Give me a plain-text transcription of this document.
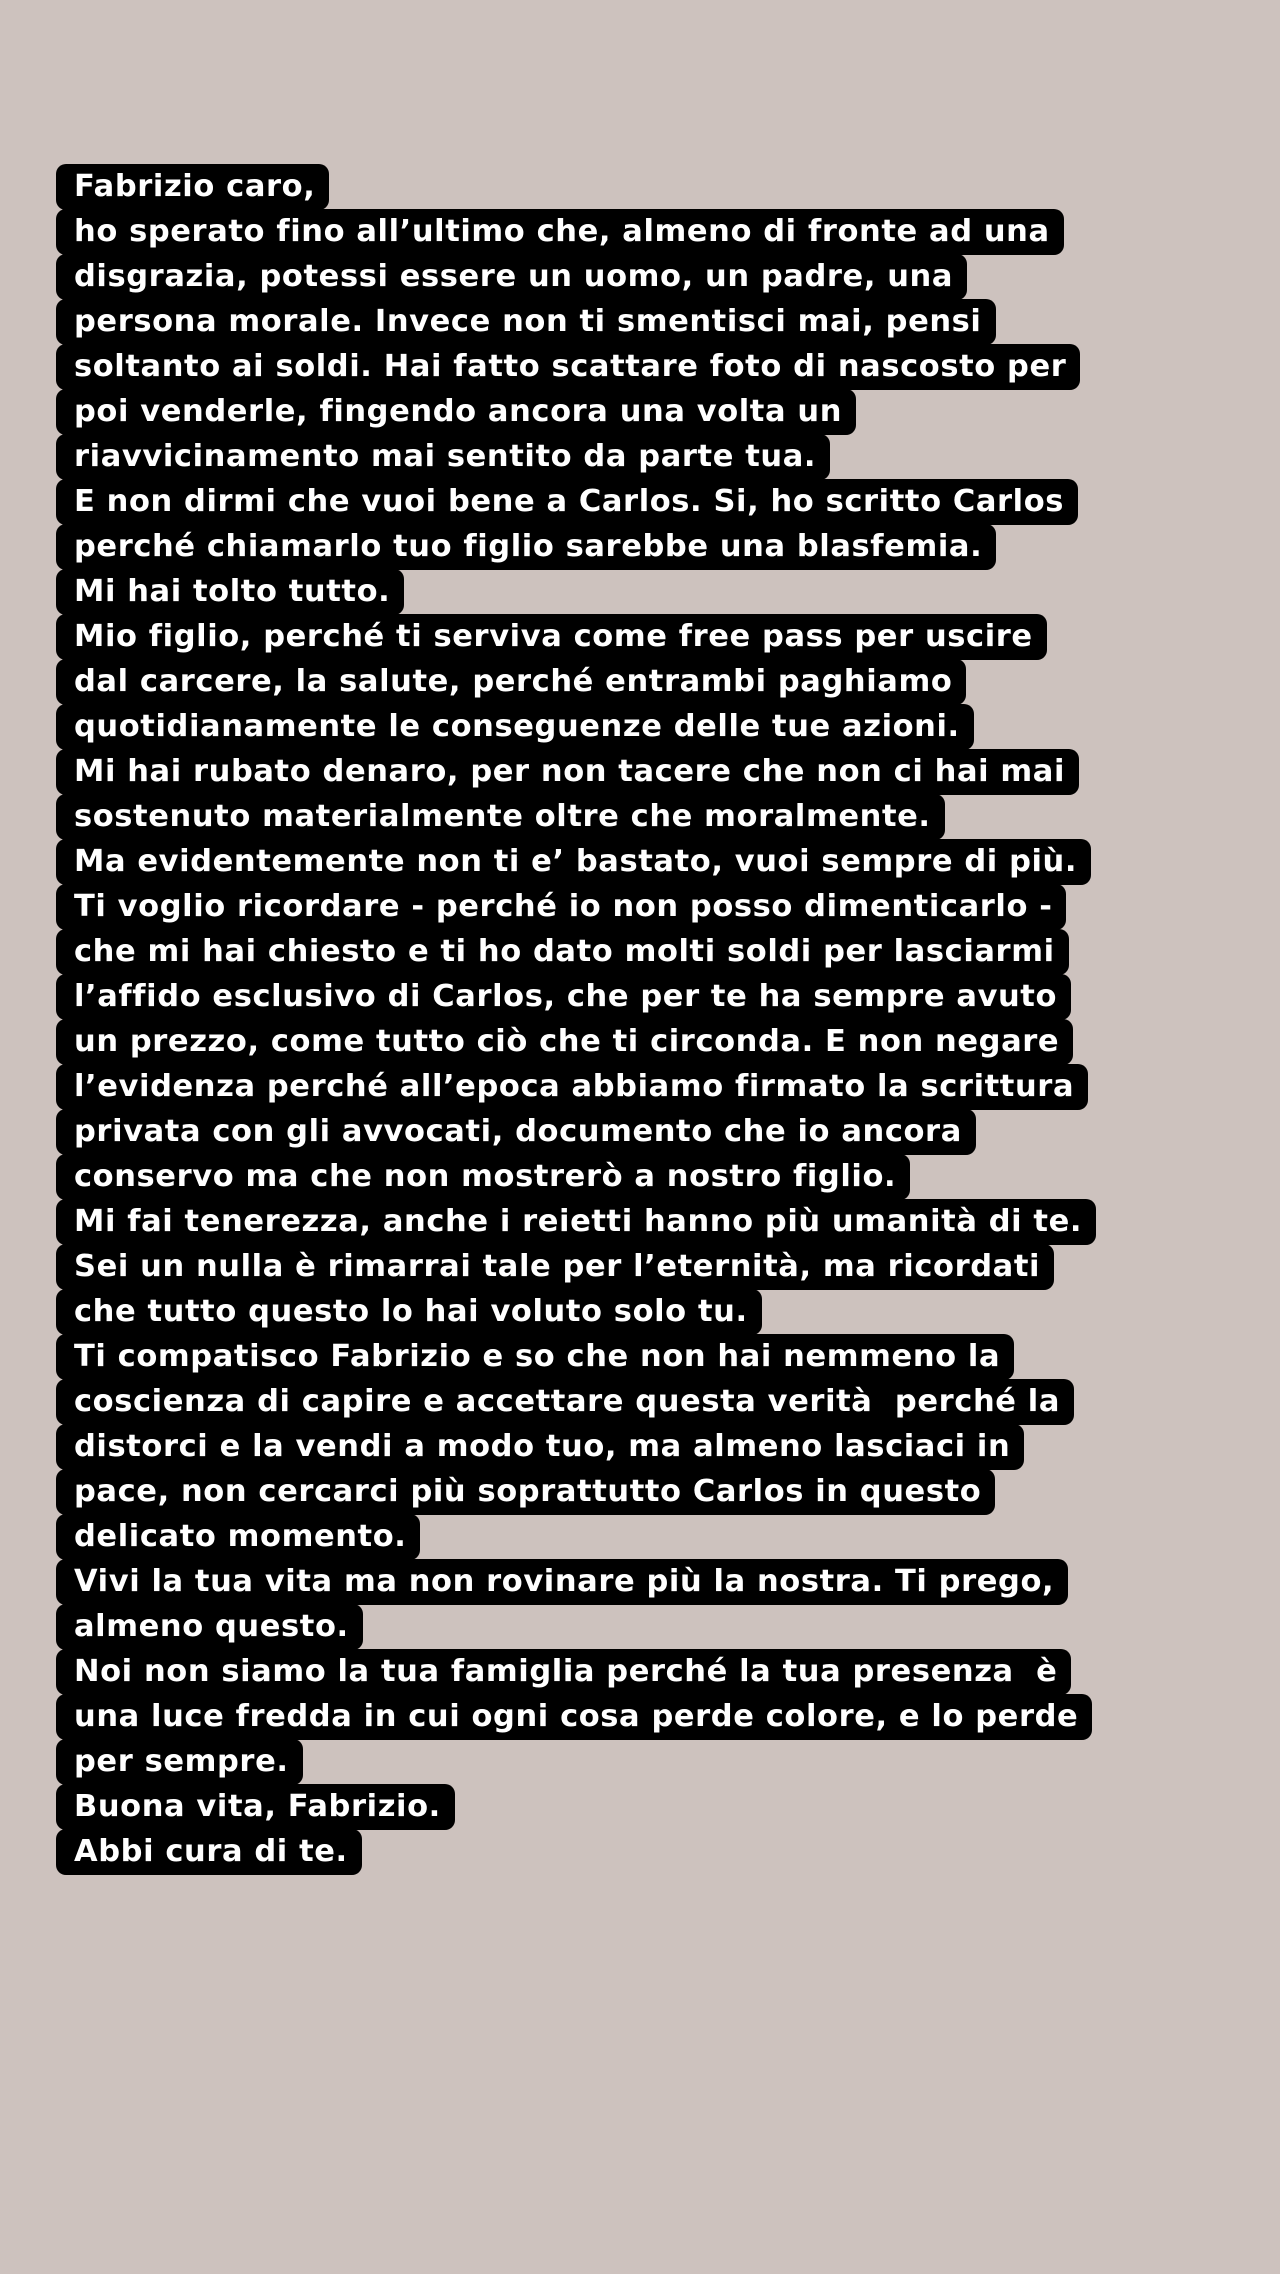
Fabrizio caro,
ho sperato fino all’ultimo che, almeno di fronte ad una
disgrazia, potessi essere un uomo, un padre, una
persona morale. Invece non ti smentisci mai, pensi
soltanto ai soldi. Hai fatto scattare foto di nascosto per
poi venderle, fingendo ancora una volta un
riavvicinamento mai sentito da parte tua.
E non dirmi che vuoi bene a Carlos. Si, ho scritto Carlos
perché chiamarlo tuo figlio sarebbe una blasfemia.
Mi hai tolto tutto.
Mio figlio, perché ti serviva come free pass per uscire
dal carcere, la salute, perché entrambi paghiamo
quotidianamente le conseguenze delle tue azioni.
Mi hai rubato denaro, per non tacere che non ci hai mai
sostenuto materialmente oltre che moralmente.
Ma evidentemente non ti e’ bastato, vuoi sempre di più.
Ti voglio ricordare - perché io non posso dimenticarlo -
che mi hai chiesto e ti ho dato molti soldi per lasciarmi
l’affido esclusivo di Carlos, che per te ha sempre avuto
un prezzo, come tutto ciò che ti circonda. E non negare
l’evidenza perché all’epoca abbiamo firmato la scrittura
privata con gli avvocati, documento che io ancora
conservo ma che non mostrerò a nostro figlio.
Mi fai tenerezza, anche i reietti hanno più umanità di te.
Sei un nulla è rimarrai tale per l’eternità, ma ricordati
che tutto questo lo hai voluto solo tu.
Ti compatisco Fabrizio e so che non hai nemmeno la
coscienza di capire e accettare questa verità  perché la
distorci e la vendi a modo tuo, ma almeno lasciaci in
pace, non cercarci più soprattutto Carlos in questo
delicato momento.
Vivi la tua vita ma non rovinare più la nostra. Ti prego,
almeno questo.
Noi non siamo la tua famiglia perché la tua presenza  è
una luce fredda in cui ogni cosa perde colore, e lo perde
per sempre.
Buona vita, Fabrizio.
Abbi cura di te.
